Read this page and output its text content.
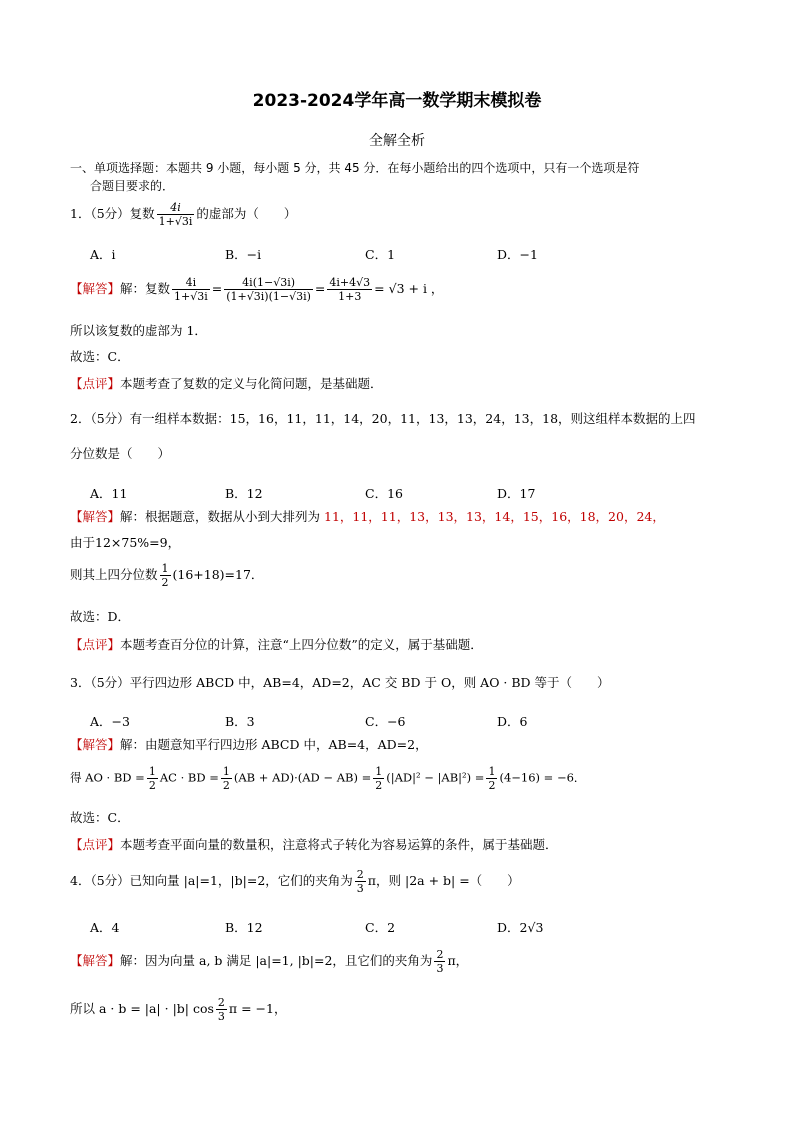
2023-2024学年高一数学期末模拟卷
全解全析
一、单项选择题：本题共 9 小题，每小题 5 分，共 45 分．在每小题给出的四个选项中，只有一个选项是符
合题目要求的．
1．（5分）复数 $\frac{4i}{1+√3i}$ 的虚部为（　　）
A．i	B．−i	C．1	D．−1
【解答】解：复数 $\frac{4i}{1+√3i} = \frac{4i(1-√3i)}{(1+√3i)(1-√3i)} = \frac{4i+4√3}{1+3} = √3 + i$ ，
所以该复数的虚部为 1．
故选：C．
【点评】本题考查了复数的定义与化简问题，是基础题．
2．（5分）有一组样本数据：15，16，11，11，14，20，11，13，13，24，13，18，则这组样本数据的上四
分位数是（　　）
A．11	B．12	C．16	D．17
【解答】解：根据题意，数据从小到大排列为 11，11，11，13，13，13，14，15，16，18，20，24，
由于12×75%=9，
则其上四分位数 $\frac{1}{2} (16+18)=17$．
故选：D．
【点评】本题考查百分位的计算，注意“上四分位数”的定义，属于基础题．
3．（5分）平行四边形 ABCD 中，AB=4，AD=2，AC 交 BD 于 O，则 AO · BD 等于（　　）
A．−3	B．3	C．−6	D．6
【解答】解：由题意知平行四边形 ABCD 中，AB=4，AD=2，
得 AO · BD = $\frac{1}{2}$ AC · BD = $\frac{1}{2} (AB + AD)\cdot(AD - AB) = \frac{1}{2} (|AD|^2 - |AB|^2) = \frac{1}{2} (4-16) = -6$．
故选：C．
【点评】本题考查平面向量的数量积，注意将式子转化为容易运算的条件，属于基础题．
4．（5分）已知向量 |a|=1，|b|=2，它们的夹角为 $\frac{2}{3}$ π，则 |2a + b| =（　　）
A．4	B．12	C．2	D．2√3
【解答】解：因为向量 a, b 满足 |a|=1, |b|=2，且它们的夹角为 $\frac{2}{3}$ π，
所以 a · b = |a| · |b| $\cos \frac{2}{3}$ π = −1，
